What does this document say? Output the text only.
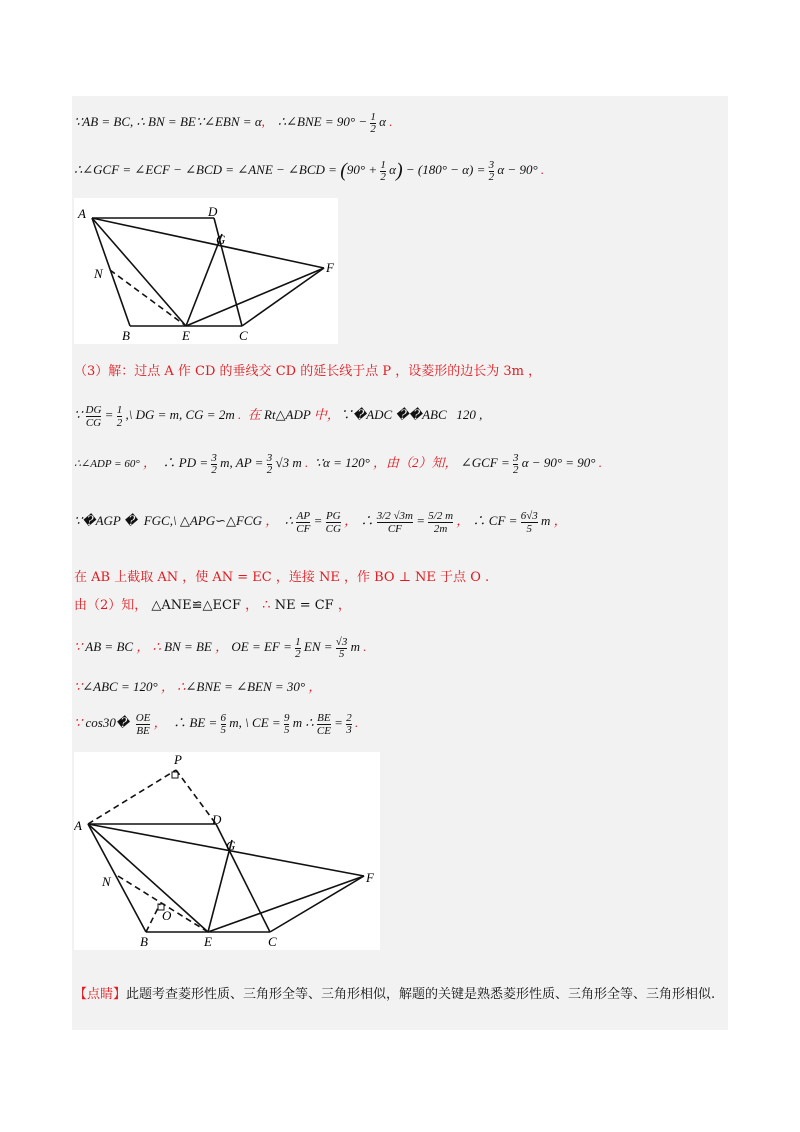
∵AB = BC, ∴ BN = BE∵∠EBN = α,    ∴∠BNE = $90^\circ - \frac{1}{2}$ α .
∴∠GCF = ∠ECF − ∠BCD = ∠ANE − ∠BCD = $(90^\circ + \frac{1}{2} \alpha) - (180^\circ - \alpha) = \frac{3}{2}$ α − 90° .
A	D
G
F
N
B	E	C
（3）解：过点 A 作 CD 的垂线交 CD 的延长线于点 P ，设菱形的边长为 3m ，
∵ $\frac{DG}{CG} = \frac{1}{2}$ ,\ DG = m, CG = 2m . 在 Rt△ADP 中，∵�ADC ��ABC   120 ,
∴∠ADP = 60° ，  ∴ PD = $\frac{3}{2} m$, AP = $\frac{3}{2} √3$ m .  ∵α = 120° ，由（2）知， ∠GCF = $\frac{3}{2}$ α − 90° = 90° .
∵�AGP �  FGC,\ △APG∽△FCG ，  ∴ $\frac{AP}{CF} = \frac{PG}{CG}$ ， ∴ $\frac{3/2 √3m}{CF} = \frac{5/2 m}{2m}$ ， ∴ CF = $\frac{6√3}{5}$ m ，
在 AB 上截取 AN ，使 AN = EC ，连接 NE ，作 BO ⊥ NE 于点 O .
由（2）知， △ANE≌△ECF ， ∴ NE = CF ，
∵ AB = BC ， ∴ BN = BE ， OE = EF = $\frac{1}{2}$ EN = $\frac{√3}{5}$ m .
∵∠ABC = 120° ， ∴∠BNE = ∠BEN = 30° ，
∵ cos30� $\frac{OE}{BE}$ ，  ∴ BE = $\frac{6}{5} m$, \ CE = $\frac{9}{5}$ m ∴ $\frac{BE}{CE} = \frac{2}{3}$ .
P
A	D
G
F
N
O
B	E	C
【点睛】此题考查菱形性质、三角形全等、三角形相似，解题的关键是熟悉菱形性质、三角形全等、三角形相似.
